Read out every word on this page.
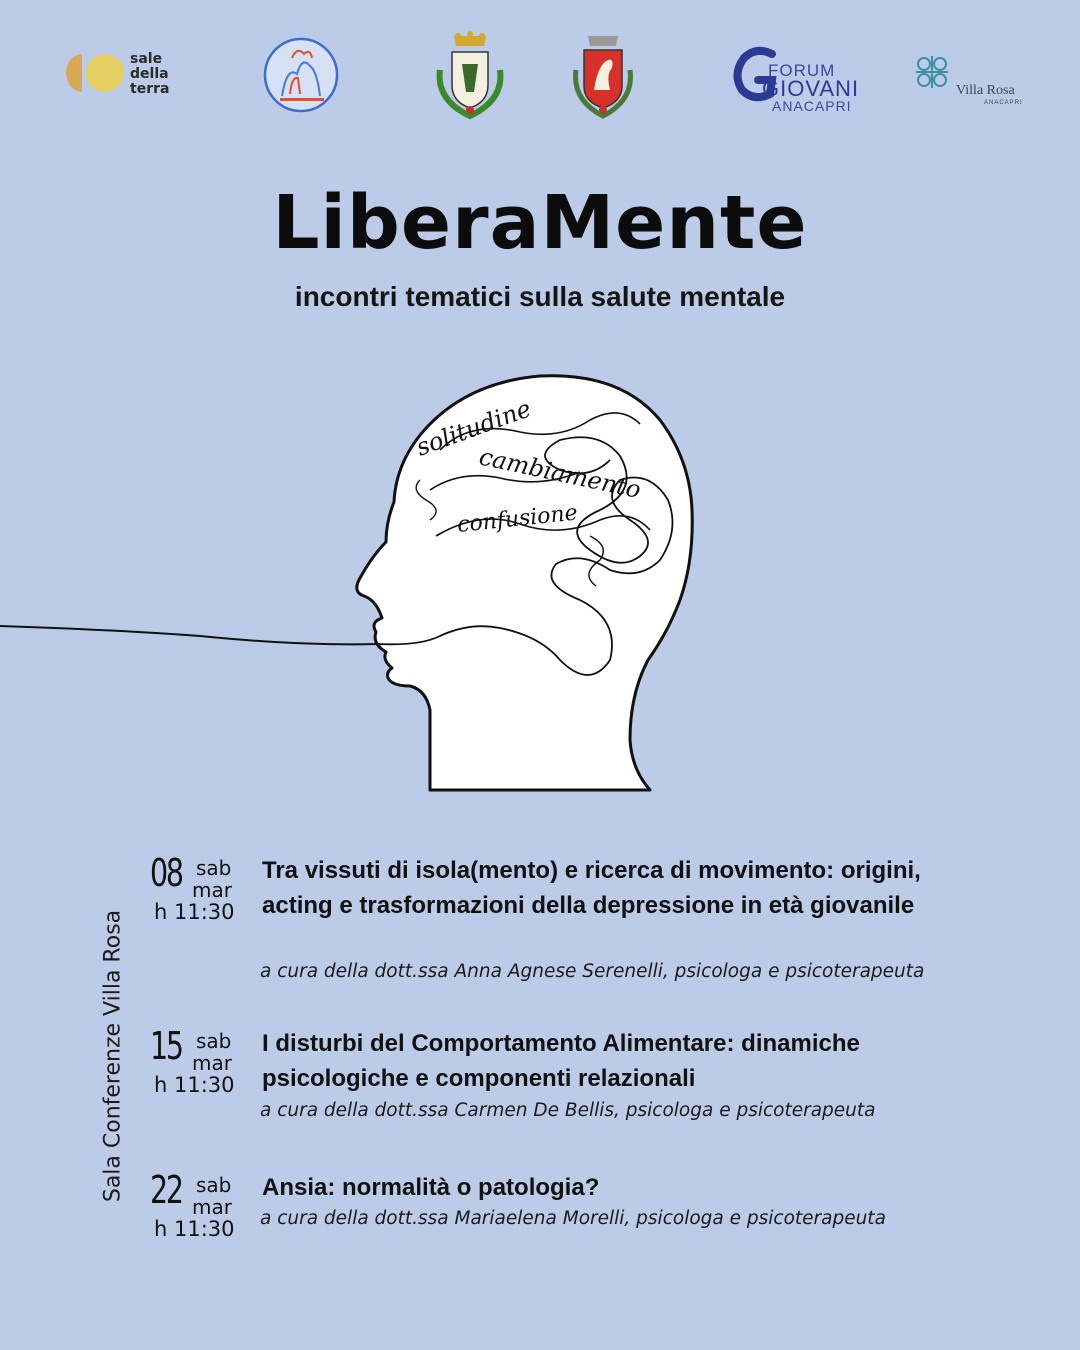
sale
della
terra
FORUM
GIOVANI
ANACAPRI
Villa Rosa
ANACAPRI
LiberaMente
incontri tematici sulla salute mentale
solitudine
cambiamento
confusione
Sala Conferenze Villa Rosa
08 sab
mar
h 11:30
Tra vissuti di isola(mento) e ricerca di movimento: origini, acting e trasformazioni della depressione in età giovanile
a cura della dott.ssa Anna Agnese Serenelli, psicologa e psicoterapeuta
15 sab
mar
h 11:30
I disturbi del Comportamento Alimentare: dinamiche psicologiche e componenti relazionali
a cura della dott.ssa Carmen De Bellis, psicologa e psicoterapeuta
22 sab
mar
h 11:30
Ansia: normalità o patologia?
a cura della dott.ssa Mariaelena Morelli, psicologa e psicoterapeuta
